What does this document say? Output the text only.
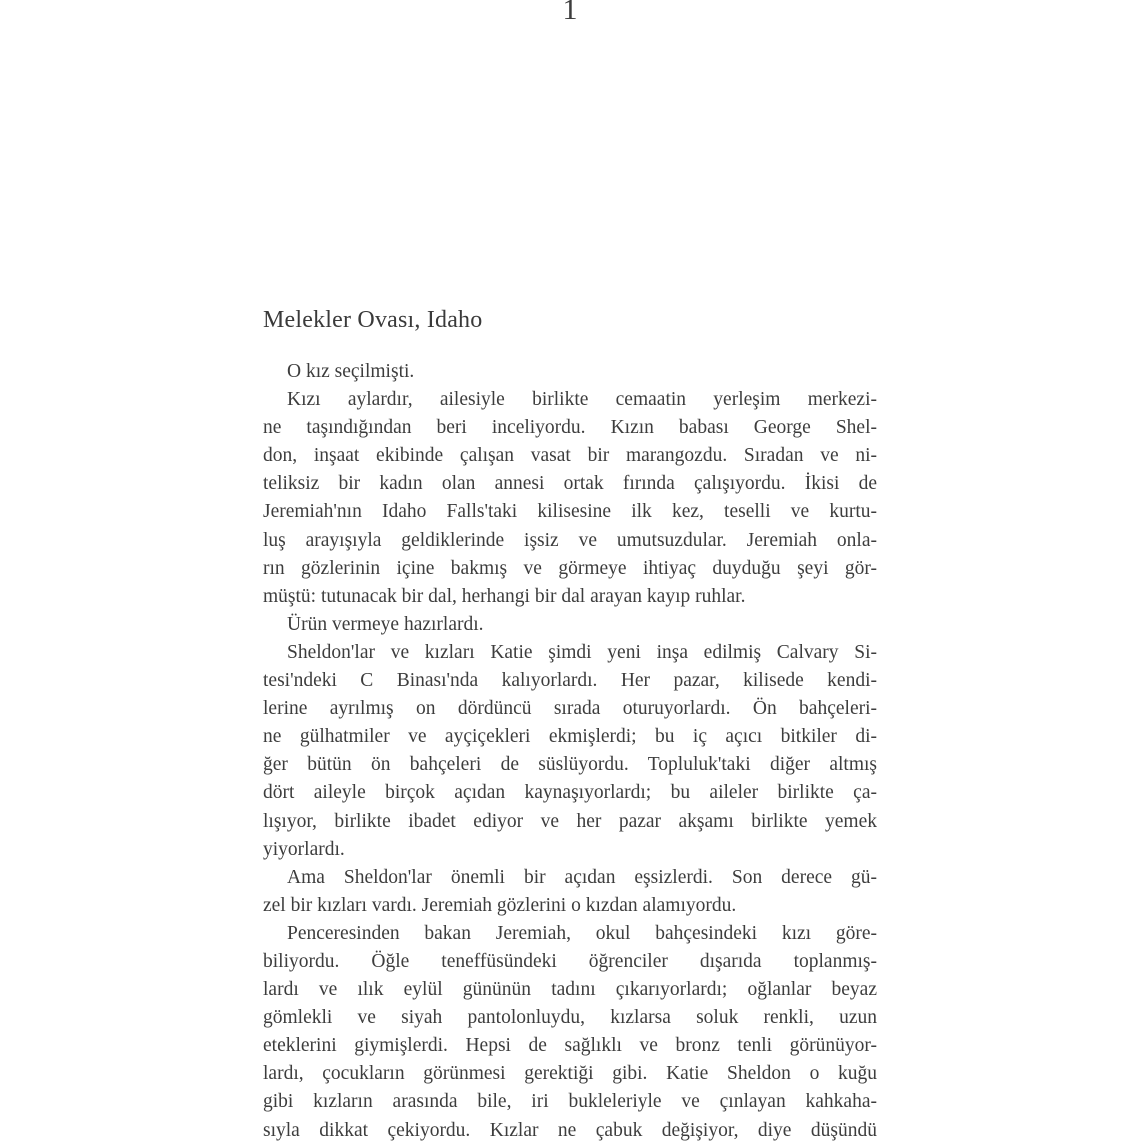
1
Melekler Ovası, Idaho
O kız seçilmişti.
Kızı aylardır, ailesiyle birlikte cemaatin yerleşim merkezi-
ne taşındığından beri inceliyordu. Kızın babası George Shel-
don, inşaat ekibinde çalışan vasat bir marangozdu. Sıradan ve ni-
teliksiz bir kadın olan annesi ortak fırında çalışıyordu. İkisi de
Jeremiah'nın Idaho Falls'taki kilisesine ilk kez, teselli ve kurtu-
luş arayışıyla geldiklerinde işsiz ve umutsuzdular. Jeremiah onla-
rın gözlerinin içine bakmış ve görmeye ihtiyaç duyduğu şeyi gör-
müştü: tutunacak bir dal, herhangi bir dal arayan kayıp ruhlar.
Ürün vermeye hazırlardı.
Sheldon'lar ve kızları Katie şimdi yeni inşa edilmiş Calvary Si-
tesi'ndeki C Binası'nda kalıyorlardı. Her pazar, kilisede kendi-
lerine ayrılmış on dördüncü sırada oturuyorlardı. Ön bahçeleri-
ne gülhatmiler ve ayçiçekleri ekmişlerdi; bu iç açıcı bitkiler di-
ğer bütün ön bahçeleri de süslüyordu. Topluluk'taki diğer altmış
dört aileyle birçok açıdan kaynaşıyorlardı; bu aileler birlikte ça-
lışıyor, birlikte ibadet ediyor ve her pazar akşamı birlikte yemek
yiyorlardı.
Ama Sheldon'lar önemli bir açıdan eşsizlerdi. Son derece gü-
zel bir kızları vardı. Jeremiah gözlerini o kızdan alamıyordu.
Penceresinden bakan Jeremiah, okul bahçesindeki kızı göre-
biliyordu. Öğle teneffüsündeki öğrenciler dışarıda toplanmış-
lardı ve ılık eylül gününün tadını çıkarıyorlardı; oğlanlar beyaz
gömlekli ve siyah pantolonluydu, kızlarsa soluk renkli, uzun
eteklerini giymişlerdi. Hepsi de sağlıklı ve bronz tenli görünüyor-
lardı, çocukların görünmesi gerektiği gibi. Katie Sheldon o kuğu
gibi kızların arasında bile, iri bukleleriyle ve çınlayan kahkaha-
sıyla dikkat çekiyordu. Kızlar ne çabuk değişiyor, diye düşündü
